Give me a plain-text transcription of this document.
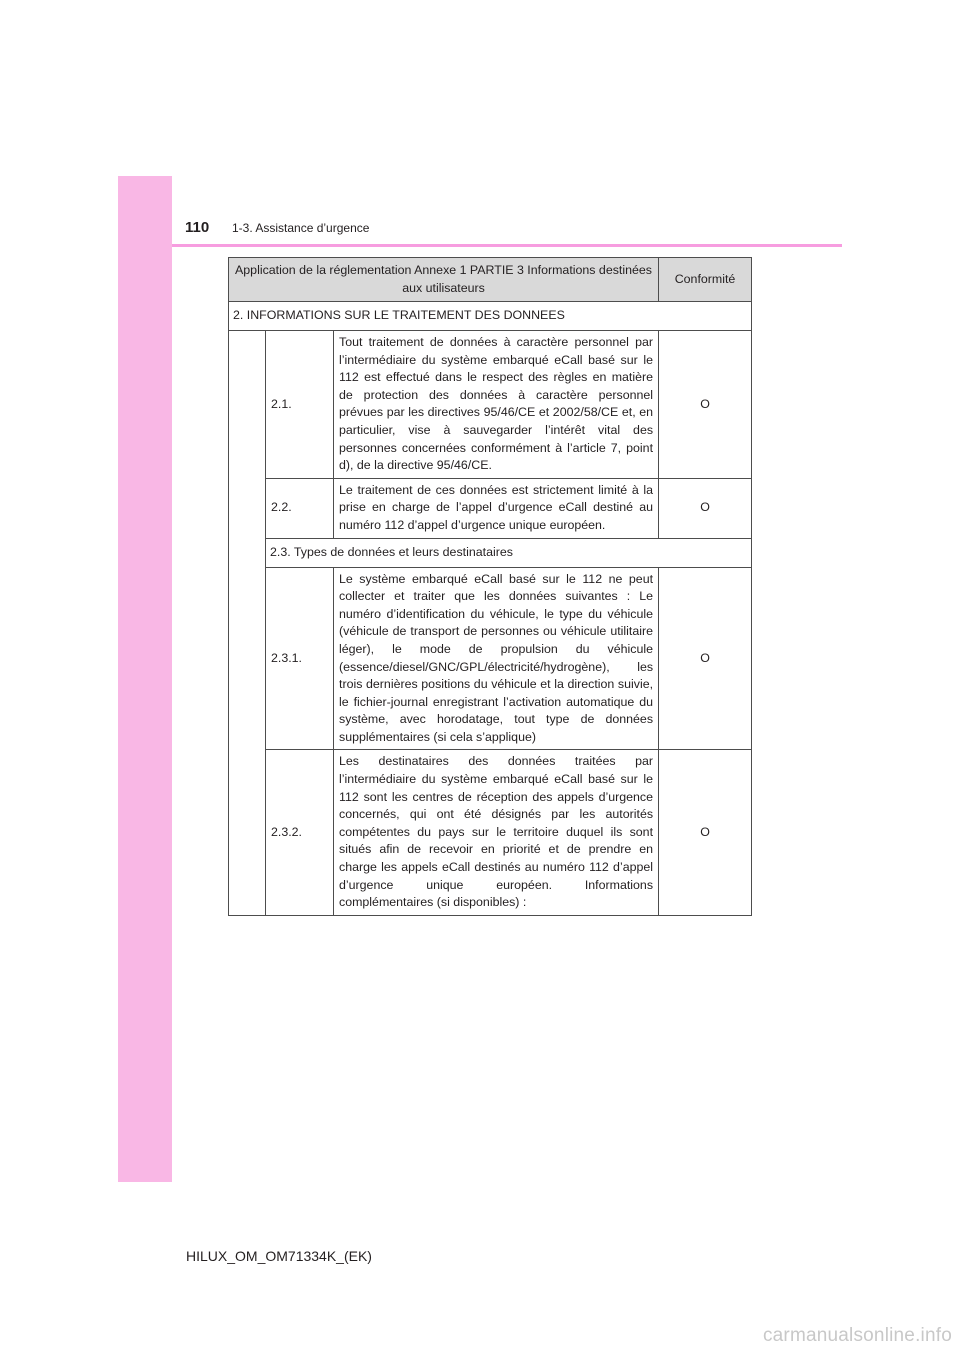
110 1-3. Assistance d’urgence
Application de la réglementation Annexe 1 PARTIE 3 Informations destinées aux utilisateurs			Conformité
2. INFORMATIONS SUR LE TRAITEMENT DES DONNEES			
	2.1.	Tout traitement de données à caractère personnel par l’intermédiaire du système embarqué eCall basé sur le 112 est effectué dans le respect des règles en matière de protection des données à caractère personnel prévues par les directives 95/46/CE et 2002/58/CE et, en particulier, vise à sauvegarder l’intérêt vital des personnes concernées conformément à l’article 7, point d), de la directive 95/46/CE.	O
	2.2.	Le traitement de ces données est strictement limité à la prise en charge de l’appel d’urgence eCall destiné au numéro 112 d’appel d’urgence unique européen.	O
	2.3. Types de données et leurs destinataires		
	2.3.1.	Le système embarqué eCall basé sur le 112 ne peut collecter et traiter que les données suivantes : Le numéro d’identification du véhicule, le type du véhicule (véhicule de transport de personnes ou véhicule utilitaire léger), le mode de propulsion du véhicule (essence/diesel/GNC/GPL/électricité/hydrogène), les trois dernières positions du véhicule et la direction suivie, le fichier-journal enregistrant l’activation automatique du système, avec horodatage, tout type de données supplémentaires (si cela s’applique)	O
	2.3.2.	Les destinataires des données traitées par l’intermédiaire du système embarqué eCall basé sur le 112 sont les centres de réception des appels d’urgence concernés, qui ont été désignés par les autorités compétentes du pays sur le territoire duquel ils sont situés afin de recevoir en priorité et de prendre en charge les appels eCall destinés au numéro 112 d’appel d’urgence unique européen. Informations complémentaires (si disponibles) :	O
HILUX_OM_OM71334K_(EK)
carmanualsonline.info
